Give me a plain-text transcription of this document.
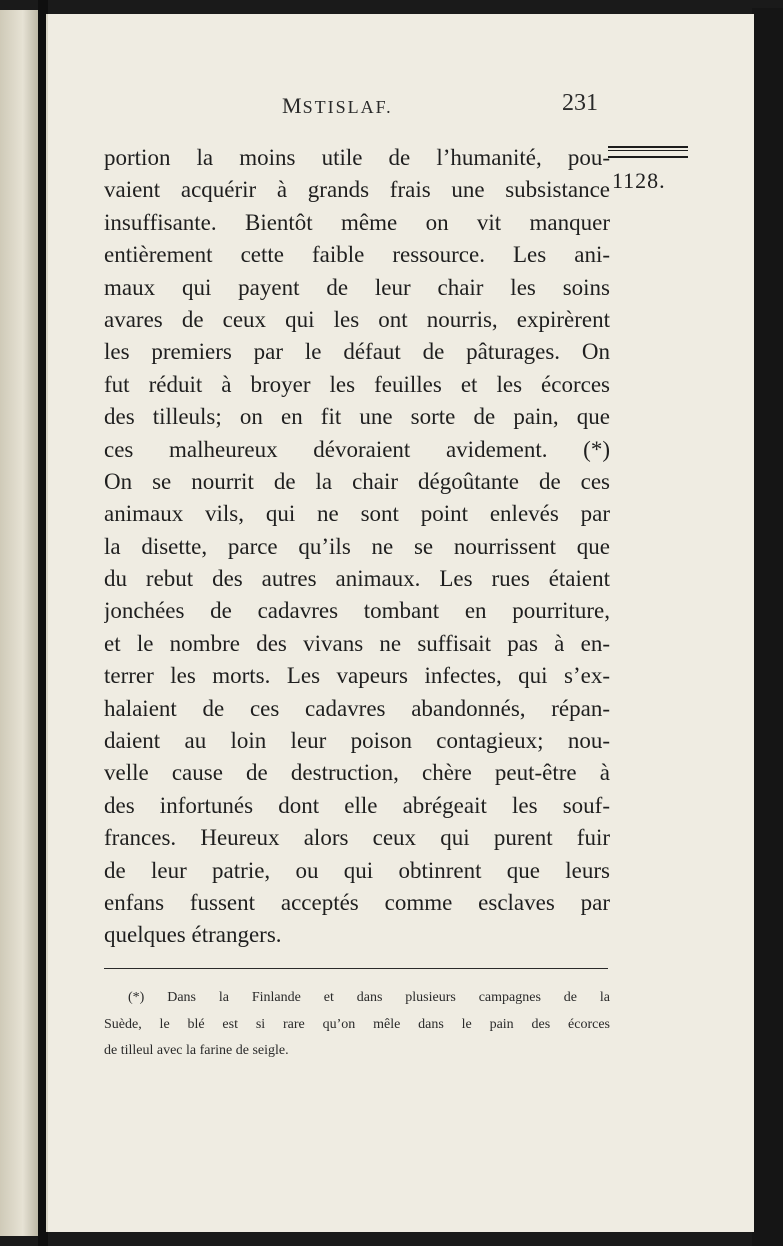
MSTISLAF.	231
1128.
portion la moins utile de l’humanité, pou-
vaient acquérir à grands frais une subsistance
insuffisante. Bientôt même on vit manquer
entièrement cette faible ressource. Les ani-
maux qui payent de leur chair les soins
avares de ceux qui les ont nourris, expirèrent
les premiers par le défaut de pâturages. On
fut réduit à broyer les feuilles et les écorces
des tilleuls; on en fit une sorte de pain, que
ces malheureux dévoraient avidement. (*)
On se nourrit de la chair dégoûtante de ces
animaux vils, qui ne sont point enlevés par
la disette, parce qu’ils ne se nourrissent que
du rebut des autres animaux. Les rues étaient
jonchées de cadavres tombant en pourriture,
et le nombre des vivans ne suffisait pas à en-
terrer les morts. Les vapeurs infectes, qui s’ex-
halaient de ces cadavres abandonnés, répan-
daient au loin leur poison contagieux; nou-
velle cause de destruction, chère peut-être à
des infortunés dont elle abrégeait les souf-
frances. Heureux alors ceux qui purent fuir
de leur patrie, ou qui obtinrent que leurs
enfans fussent acceptés comme esclaves par
quelques étrangers.
(*) Dans la Finlande et dans plusieurs campagnes de la
Suède, le blé est si rare qu’on mêle dans le pain des écorces
de tilleul avec la farine de seigle.
